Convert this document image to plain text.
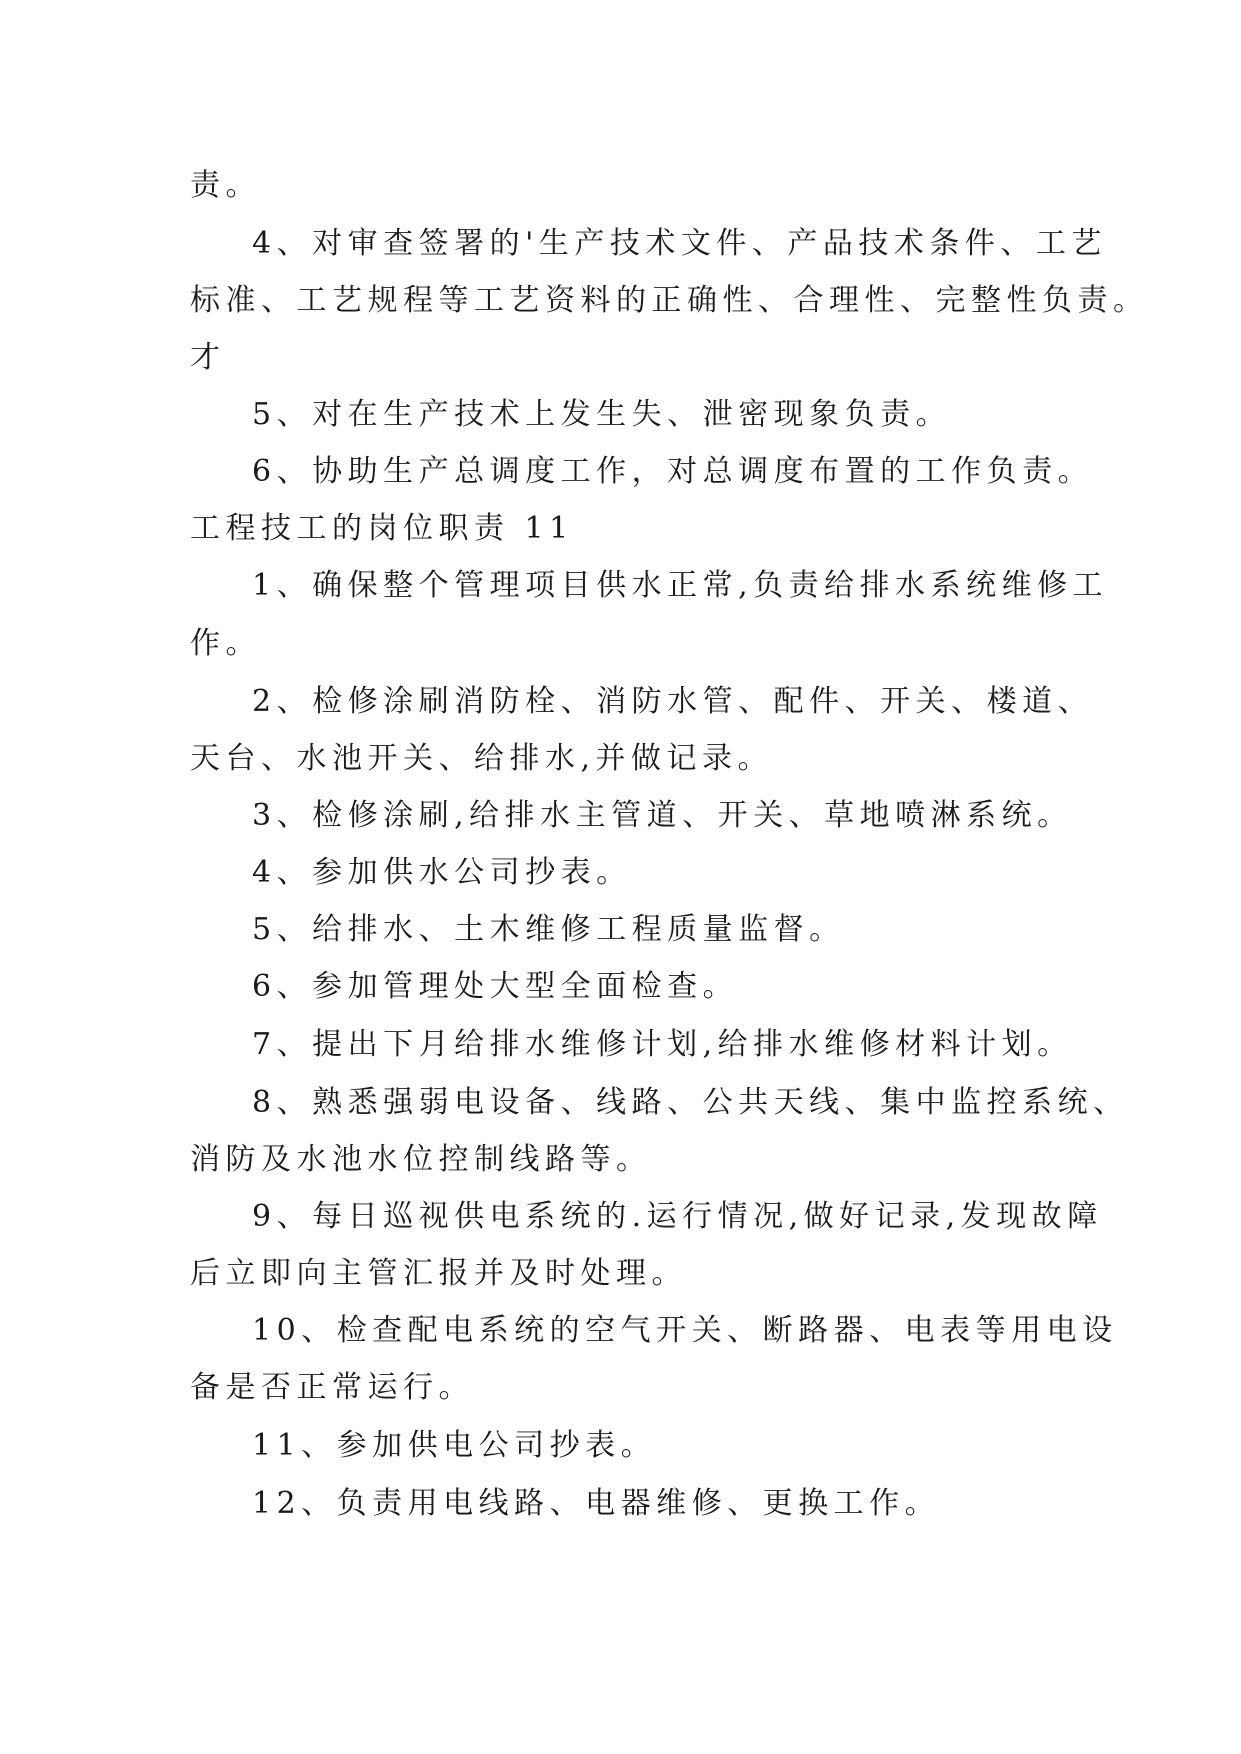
责。
4、对审查签署的'生产技术文件、产品技术条件、工艺
标准、工艺规程等工艺资料的正确性、合理性、完整性负责。
才
5、对在生产技术上发生失、泄密现象负责。
6、协助生产总调度工作，对总调度布置的工作负责。
工程技工的岗位职责 11
1、确保整个管理项目供水正常,负责给排水系统维修工
作。
2、检修涂刷消防栓、消防水管、配件、开关、楼道、
天台、水池开关、给排水,并做记录。
3、检修涂刷,给排水主管道、开关、草地喷淋系统。
4、参加供水公司抄表。
5、给排水、土木维修工程质量监督。
6、参加管理处大型全面检查。
7、提出下月给排水维修计划,给排水维修材料计划。
8、熟悉强弱电设备、线路、公共天线、集中监控系统、
消防及水池水位控制线路等。
9、每日巡视供电系统的.运行情况,做好记录,发现故障
后立即向主管汇报并及时处理。
10、检查配电系统的空气开关、断路器、电表等用电设
备是否正常运行。
11、参加供电公司抄表。
12、负责用电线路、电器维修、更换工作。
